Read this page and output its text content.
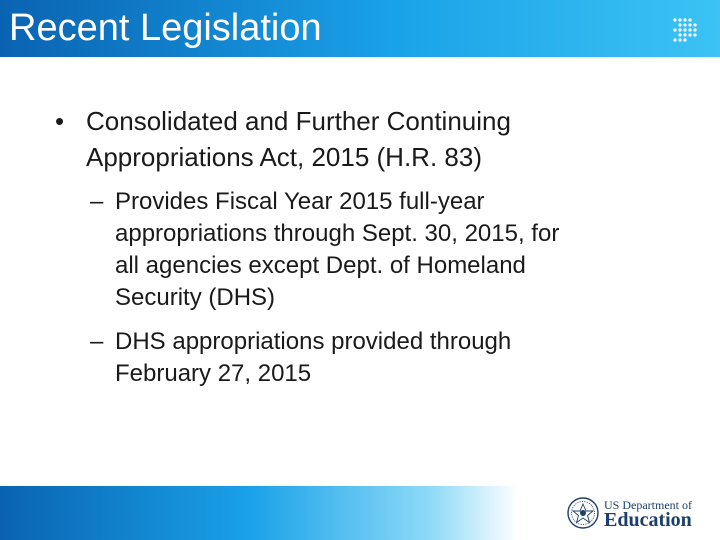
Recent Legislation
• Consolidated and Further Continuing
Appropriations Act, 2015 (H.R. 83)
– Provides Fiscal Year 2015 full-year
appropriations through Sept. 30, 2015, for
all agencies except Dept. of Homeland
Security (DHS)
– DHS appropriations provided through
February 27, 2015
US Department of
Education
